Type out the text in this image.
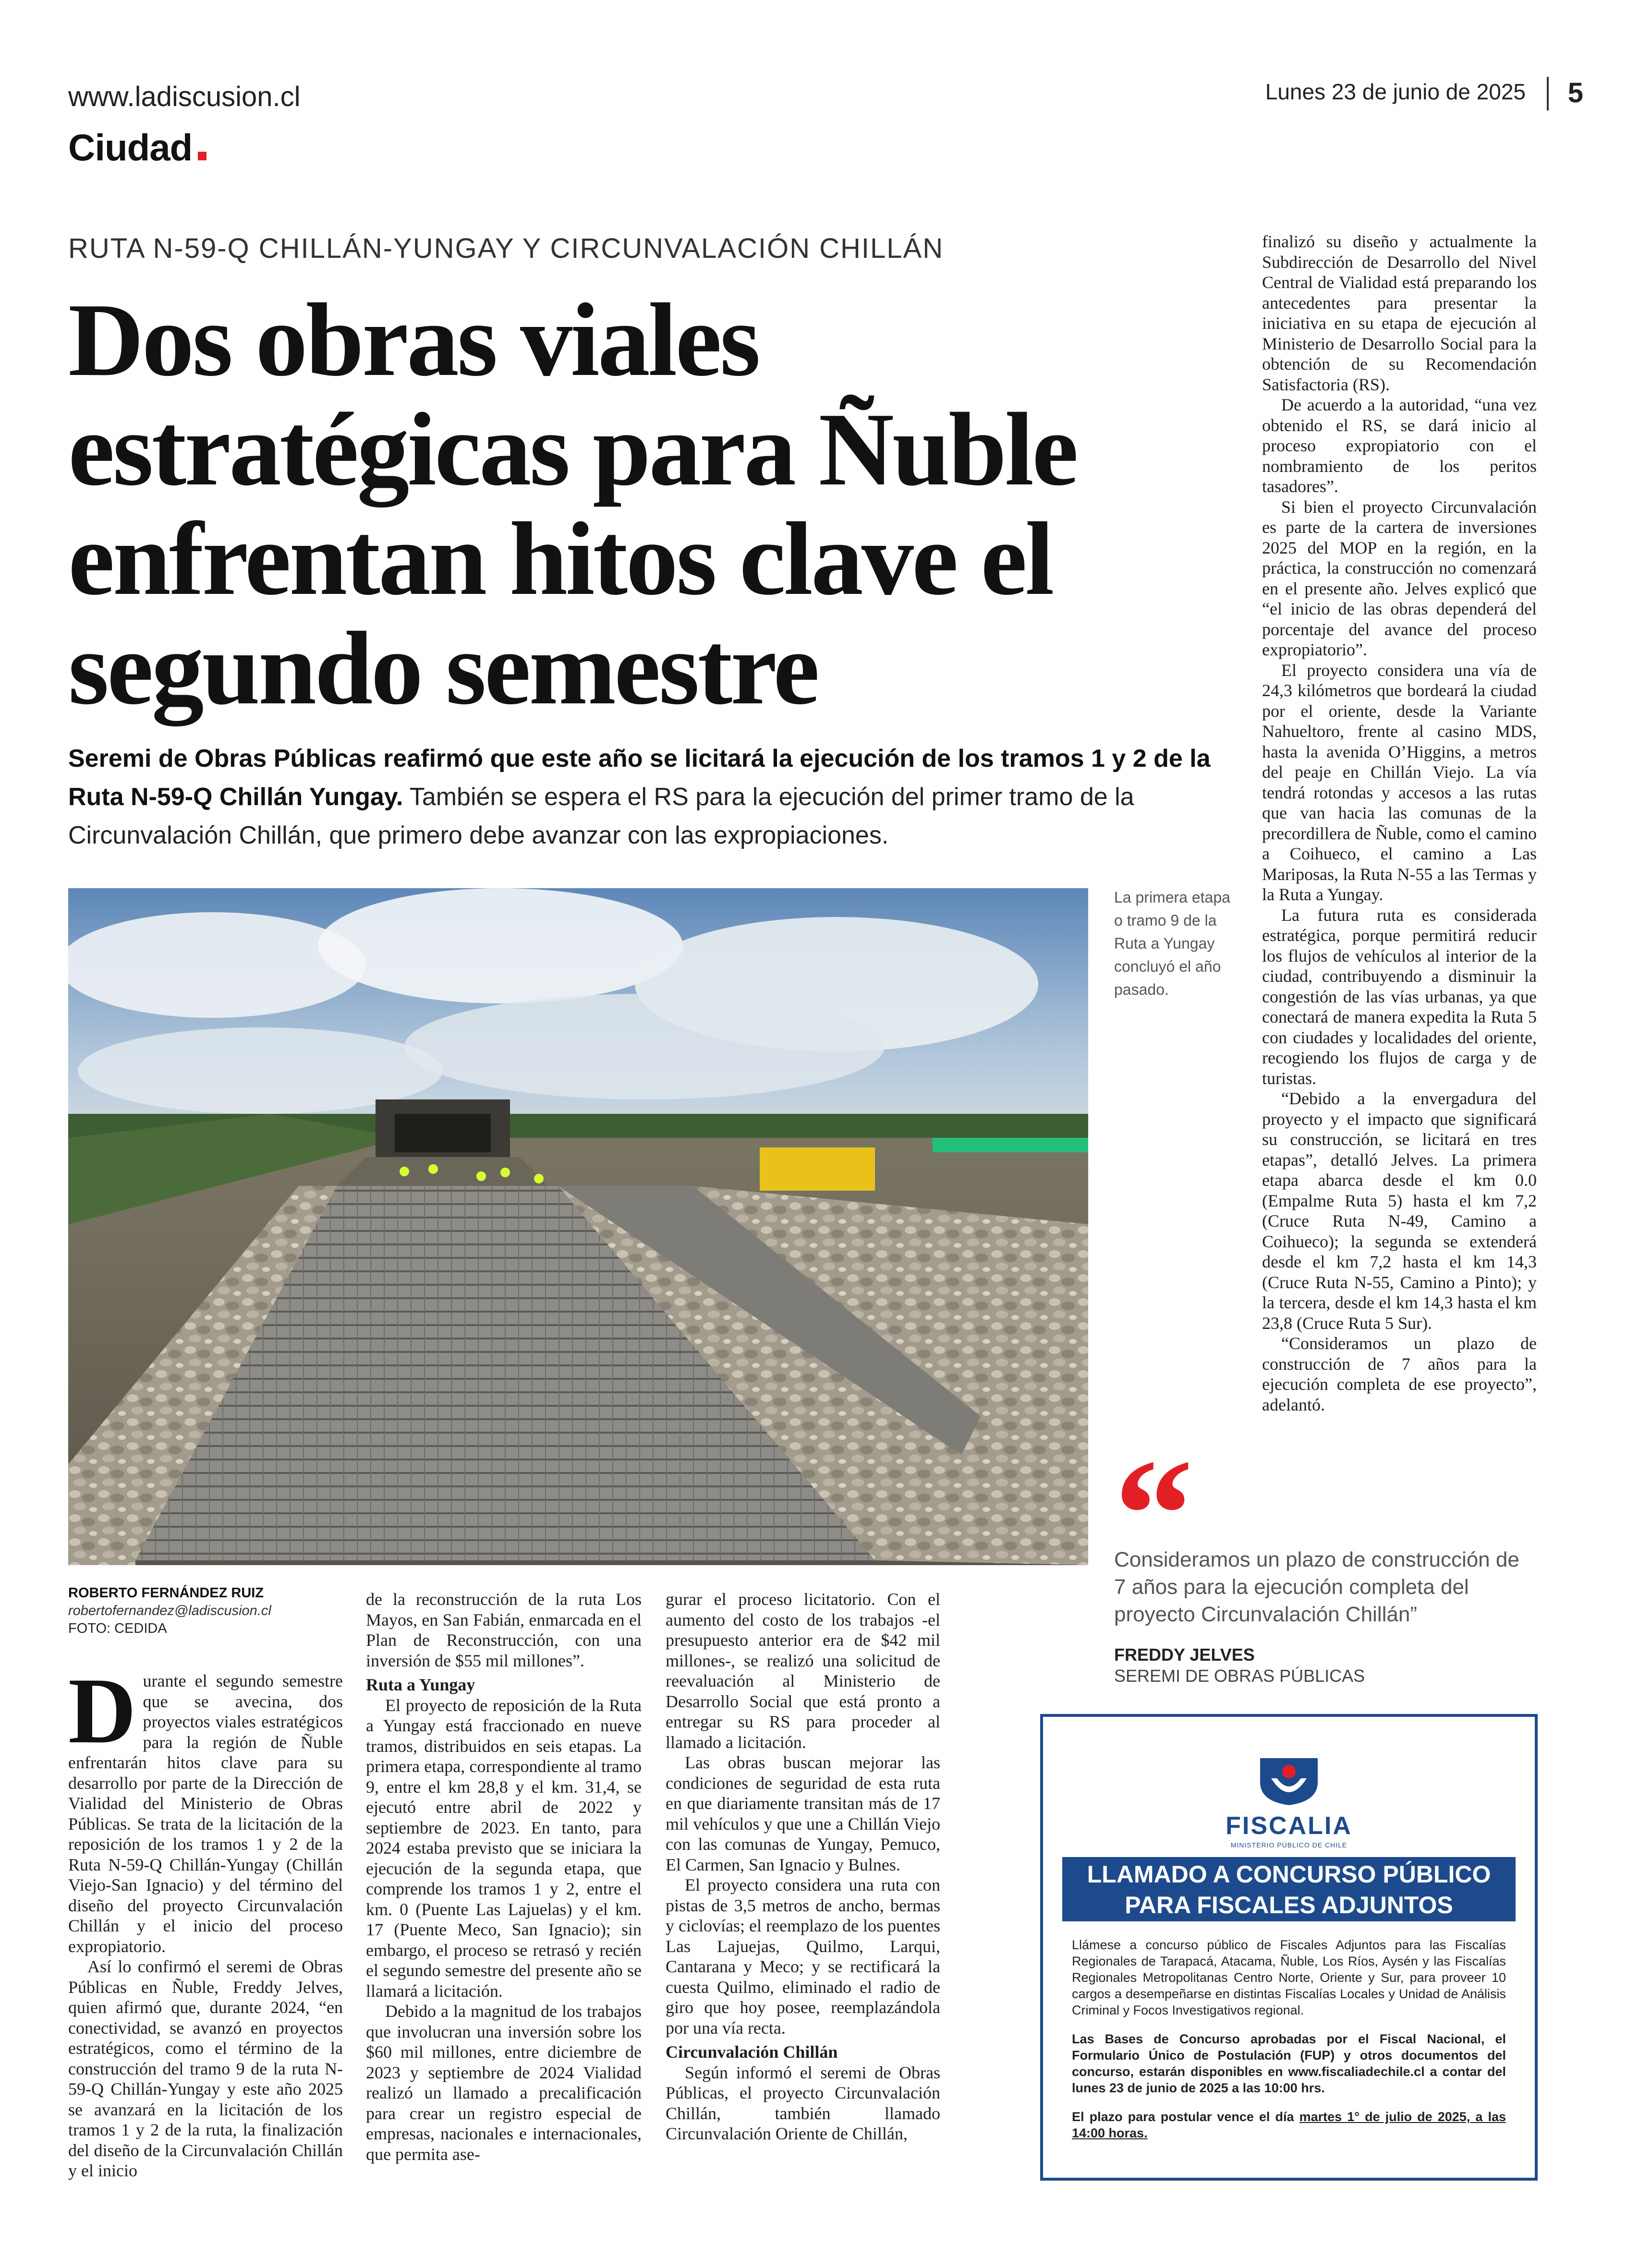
www.ladiscusion.cl	Lunes 23 de junio de 2025 5
Ciudad
RUTA N-59-Q CHILLÁN-YUNGAY Y CIRCUNVALACIÓN CHILLÁN
Dos obras viales estratégicas para Ñuble enfrentan hitos clave el segundo semestre
Seremi de Obras Públicas reafirmó que este año se licitará la ejecución de los tramos 1 y 2 de la Ruta N-59-Q Chillán Yungay. También se espera el RS para la ejecución del primer tramo de la Circunvalación Chillán, que primero debe avanzar con las expropiaciones.
La primera etapa o tramo 9 de la Ruta a Yungay concluyó el año pasado.
ROBERTO FERNÁNDEZ RUIZ
robertofernandez@ladiscusion.cl
FOTO: CEDIDA

Durante el segundo semestre que se avecina, dos proyectos viales estratégicos para la región de Ñuble enfrentarán hitos clave para su desarrollo por parte de la Dirección de Vialidad del Ministerio de Obras Públicas. Se trata de la licitación de la reposición de los tramos 1 y 2 de la Ruta N-59-Q Chillán-Yungay (Chillán Viejo-San Ignacio) y del término del diseño del proyecto Circunvalación Chillán y el inicio del proceso expropiatorio.

Así lo confirmó el seremi de Obras Públicas en Ñuble, Freddy Jelves, quien afirmó que, durante 2024, “en conectividad, se avanzó en proyectos estratégicos, como el término de la construcción del tramo 9 de la ruta N-59-Q Chillán-Yungay y este año 2025 se avanzará en la licitación de los tramos 1 y 2 de la ruta, la finalización del diseño de la Circunvalación Chillán y el inicio

de la reconstrucción de la ruta Los Mayos, en San Fabián, enmarcada en el Plan de Reconstrucción, con una inversión de $55 mil millones”.

Ruta a Yungay

El proyecto de reposición de la Ruta a Yungay está fraccionado en nueve tramos, distribuidos en seis etapas. La primera etapa, correspondiente al tramo 9, entre el km 28,8 y el km. 31,4, se ejecutó entre abril de 2022 y septiembre de 2023. En tanto, para 2024 estaba previsto que se iniciara la ejecución de la segunda etapa, que comprende los tramos 1 y 2, entre el km. 0 (Puente Las Lajuelas) y el km. 17 (Puente Meco, San Ignacio); sin embargo, el proceso se retrasó y recién el segundo semestre del presente año se llamará a licitación.

Debido a la magnitud de los trabajos que involucran una inversión sobre los $60 mil millones, entre diciembre de 2023 y septiembre de 2024 Vialidad realizó un llamado a precalificación para crear un registro especial de empresas, nacionales e internacionales, que permita ase-

gurar el proceso licitatorio. Con el aumento del costo de los trabajos -el presupuesto anterior era de $42 mil millones-, se realizó una solicitud de reevaluación al Ministerio de Desarrollo Social que está pronto a entregar su RS para proceder al llamado a licitación.

Las obras buscan mejorar las condiciones de seguridad de esta ruta en que diariamente transitan más de 17 mil vehículos y que une a Chillán Viejo con las comunas de Yungay, Pemuco, El Carmen, San Ignacio y Bulnes.

El proyecto considera una ruta con pistas de 3,5 metros de ancho, bermas y ciclovías; el reemplazo de los puentes Las Lajuejas, Quilmo, Larqui, Cantarana y Meco; y se rectificará la cuesta Quilmo, eliminado el radio de giro que hoy posee, reemplazándola por una vía recta.

Circunvalación Chillán

Según informó el seremi de Obras Públicas, el proyecto Circunvalación Chillán, también llamado Circunvalación Oriente de Chillán,

finalizó su diseño y actualmente la Subdirección de Desarrollo del Nivel Central de Vialidad está preparando los antecedentes para presentar la iniciativa en su etapa de ejecución al Ministerio de Desarrollo Social para la obtención de su Recomendación Satisfactoria (RS).

De acuerdo a la autoridad, “una vez obtenido el RS, se dará inicio al proceso expropiatorio con el nombramiento de los peritos tasadores”.

Si bien el proyecto Circunvalación es parte de la cartera de inversiones 2025 del MOP en la región, en la práctica, la construcción no comenzará en el presente año. Jelves explicó que “el inicio de las obras dependerá del porcentaje del avance del proceso expropiatorio”.

El proyecto considera una vía de 24,3 kilómetros que bordeará la ciudad por el oriente, desde la Variante Nahueltoro, frente al casino MDS, hasta la avenida O’Higgins, a metros del peaje en Chillán Viejo. La vía tendrá rotondas y accesos a las rutas que van hacia las comunas de la precordillera de Ñuble, como el camino a Coihueco, el camino a Las Mariposas, la Ruta N-55 a las Termas y la Ruta a Yungay.

La futura ruta es considerada estratégica, porque permitirá reducir los flujos de vehículos al interior de la ciudad, contribuyendo a disminuir la congestión de las vías urbanas, ya que conectará de manera expedita la Ruta 5 con ciudades y localidades del oriente, recogiendo los flujos de carga y de turistas.

“Debido a la envergadura del proyecto y el impacto que significará su construcción, se licitará en tres etapas”, detalló Jelves. La primera etapa abarca desde el km 0.0 (Empalme Ruta 5) hasta el km 7,2 (Cruce Ruta N-49, Camino a Coihueco); la segunda se extenderá desde el km 7,2 hasta el km 14,3 (Cruce Ruta N-55, Camino a Pinto); y la tercera, desde el km 14,3 hasta el km 23,8 (Cruce Ruta 5 Sur).

“Consideramos un plazo de construcción de 7 años para la ejecución completa de ese proyecto”, adelantó.

“
Consideramos un plazo de construcción de 7 años para la ejecución completa del proyecto Circunvalación Chillán”
FREDDY JELVES
SEREMI DE OBRAS PÚBLICAS
FISCALIA
MINISTERIO PÚBLICO DE CHILE
LLAMADO A CONCURSO PÚBLICO
PARA FISCALES ADJUNTOS

Llámese a concurso público de Fiscales Adjuntos para las Fiscalías Regionales de Tarapacá, Atacama, Ñuble, Los Ríos, Aysén y las Fiscalías Regionales Metropolitanas Centro Norte, Oriente y Sur, para proveer 10 cargos a desempeñarse en distintas Fiscalías Locales y Unidad de Análisis Criminal y Focos Investigativos regional.

Las Bases de Concurso aprobadas por el Fiscal Nacional, el Formulario Único de Postulación (FUP) y otros documentos del concurso, estarán disponibles en www.fiscaliadechile.cl a contar del lunes 23 de junio de 2025 a las 10:00 hrs.

El plazo para postular vence el día martes 1° de julio de 2025, a las 14:00 horas.
